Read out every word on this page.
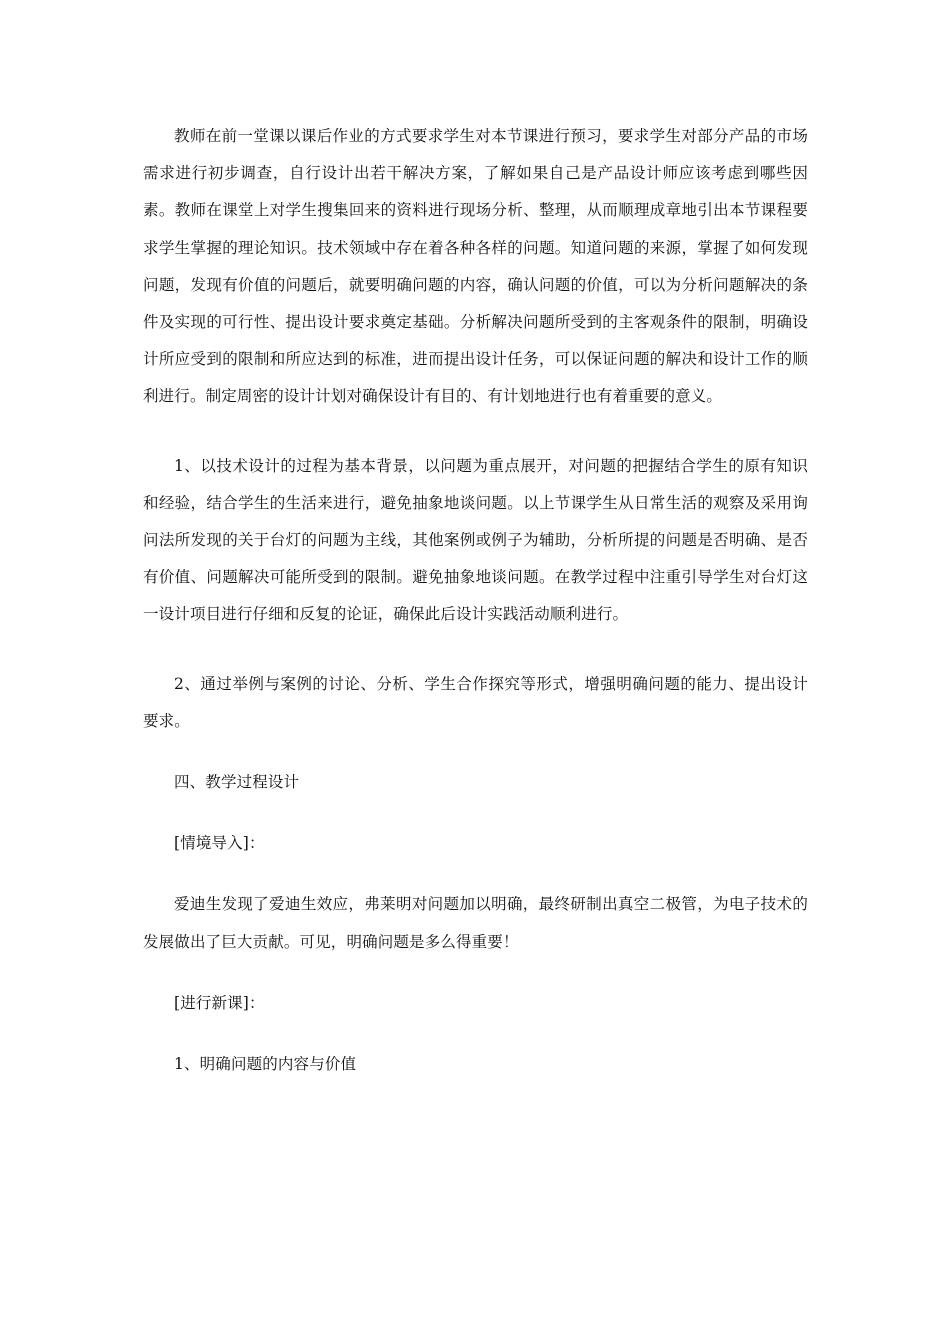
教师在前一堂课以课后作业的方式要求学生对本节课进行预习，要求学生对部分产品的市场需求进行初步调查，自行设计出若干解决方案，了解如果自己是产品设计师应该考虑到哪些因素。教师在课堂上对学生搜集回来的资料进行现场分析、整理，从而顺理成章地引出本节课程要求学生掌握的理论知识。技术领域中存在着各种各样的问题。知道问题的来源，掌握了如何发现问题，发现有价值的问题后，就要明确问题的内容，确认问题的价值，可以为分析问题解决的条件及实现的可行性、提出设计要求奠定基础。分析解决问题所受到的主客观条件的限制，明确设计所应受到的限制和所应达到的标准，进而提出设计任务，可以保证问题的解决和设计工作的顺利进行。制定周密的设计计划对确保设计有目的、有计划地进行也有着重要的意义。

1、以技术设计的过程为基本背景，以问题为重点展开，对问题的把握结合学生的原有知识和经验，结合学生的生活来进行，避免抽象地谈问题。以上节课学生从日常生活的观察及采用询问法所发现的关于台灯的问题为主线，其他案例或例子为辅助，分析所提的问题是否明确、是否有价值、问题解决可能所受到的限制。避免抽象地谈问题。在教学过程中注重引导学生对台灯这一设计项目进行仔细和反复的论证，确保此后设计实践活动顺利进行。

2、通过举例与案例的讨论、分析、学生合作探究等形式，增强明确问题的能力、提出设计要求。

四、教学过程设计

[情境导入]：

爱迪生发现了爱迪生效应，弗莱明对问题加以明确，最终研制出真空二极管，为电子技术的发展做出了巨大贡献。可见，明确问题是多么得重要！

[进行新课]：

1、明确问题的内容与价值
